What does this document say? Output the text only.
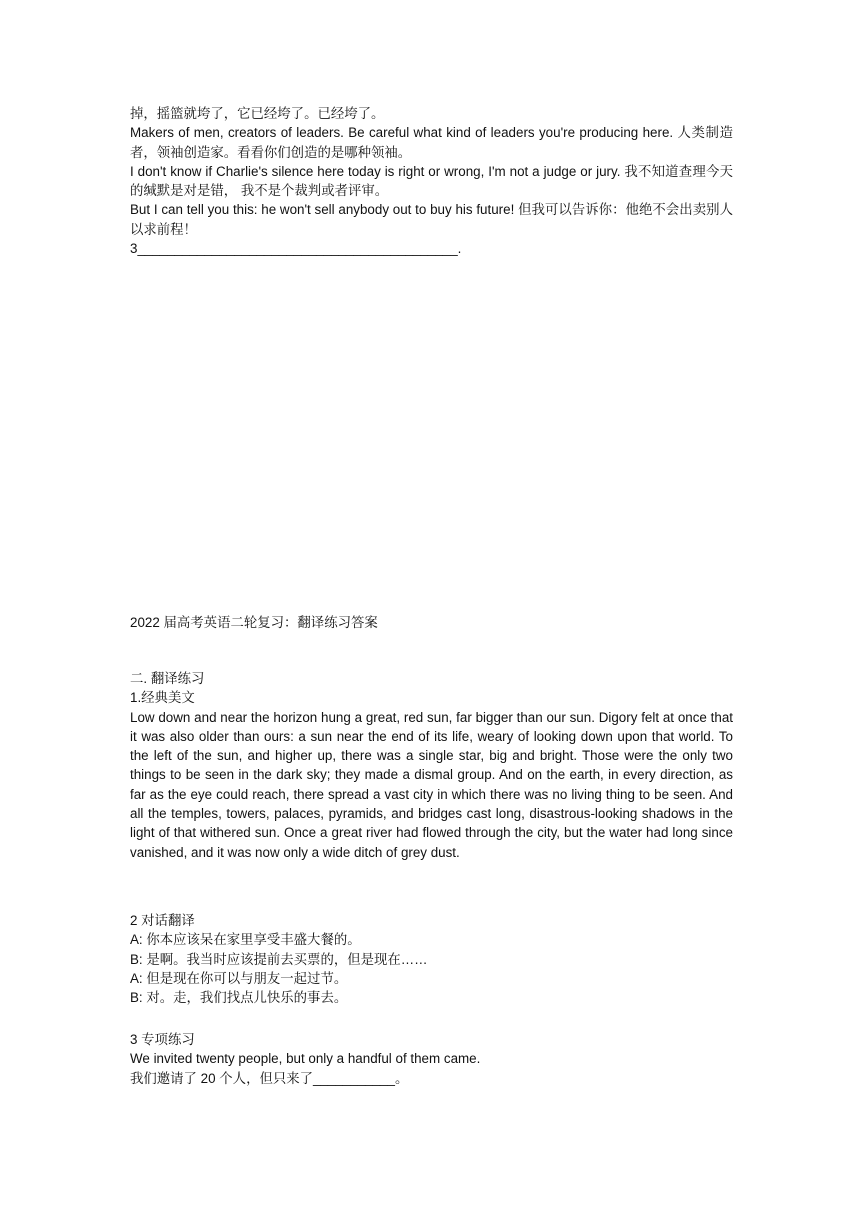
掉，摇篮就垮了，它已经垮了。已经垮了。
Makers of men, creators of leaders. Be careful what kind of leaders you're producing here. 人类制造者，领袖创造家。看看你们创造的是哪种领袖。
I don't know if Charlie's silence here today is right or wrong, I'm not a judge or jury. 我不知道查理今天的缄默是对是错， 我不是个裁判或者评审。
But I can tell you this: he won't sell anybody out to buy his future! 但我可以告诉你：他绝不会出卖别人以求前程！
3___________________________________________.
2022 届高考英语二轮复习：翻译练习答案
二. 翻译练习
1.经典美文
Low down and near the horizon hung a great, red sun, far bigger than our sun. Digory felt at once that it was also older than ours: a sun near the end of its life, weary of looking down upon that world. To the left of the sun, and higher up, there was a single star, big and bright. Those were the only two things to be seen in the dark sky; they made a dismal group. And on the earth, in every direction, as far as the eye could reach, there spread a vast city in which there was no living thing to be seen. And all the temples, towers, palaces, pyramids, and bridges cast long, disastrous-looking shadows in the light of that withered sun. Once a great river had flowed through the city, but the water had long since vanished, and it was now only a wide ditch of grey dust.
2 对话翻译
A: 你本应该呆在家里享受丰盛大餐的。
B: 是啊。我当时应该提前去买票的，但是现在……
A: 但是现在你可以与朋友一起过节。
B: 对。走，我们找点儿快乐的事去。
3 专项练习
We invited twenty people, but only a handful of them came.
我们邀请了 20 个人，但只来了___________。
